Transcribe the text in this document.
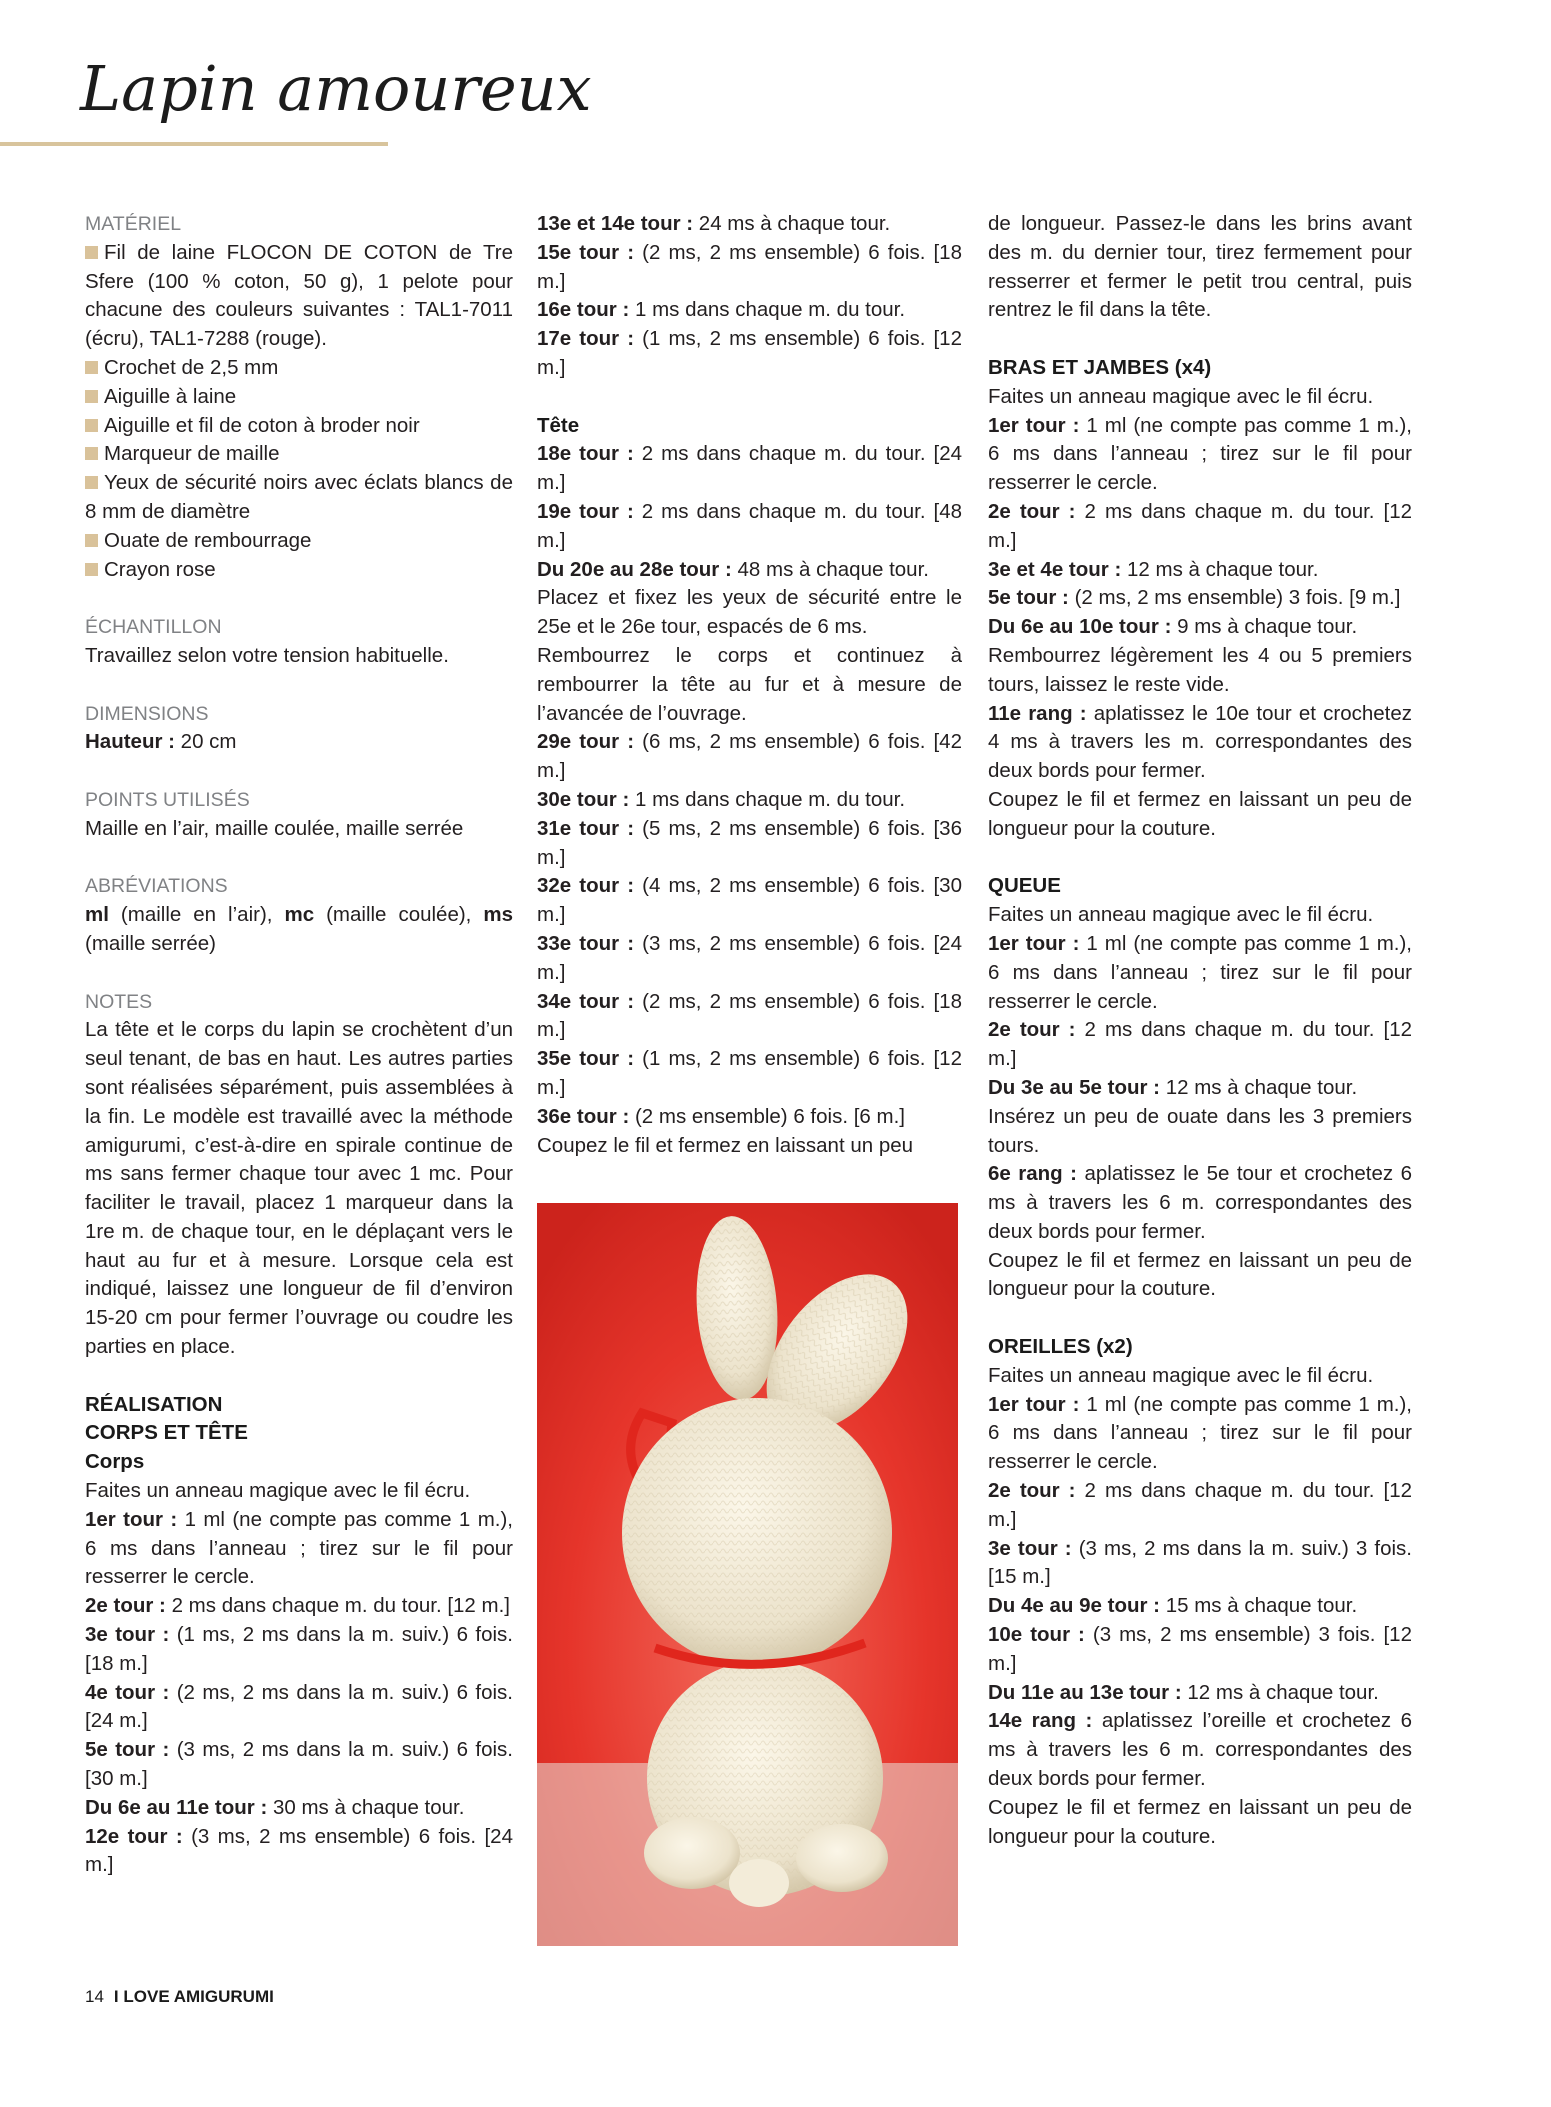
Lapin amoureux

MATÉRIEL

Fil de laine FLOCON DE COTON de Tre Sfere (100 % coton, 50 g), 1 pelote pour chacune des couleurs suivantes : TAL1-7011 (écru), TAL1-7288 (rouge).

Crochet de 2,5 mm

Aiguille à laine

Aiguille et fil de coton à broder noir

Marqueur de maille

Yeux de sécurité noirs avec éclats blancs de 8 mm de diamètre

Ouate de rembourrage

Crayon rose

ÉCHANTILLON

Travaillez selon votre tension habituelle.

DIMENSIONS

Hauteur : 20 cm

POINTS UTILISÉS

Maille en l’air, maille coulée, maille serrée

ABRÉVIATIONS

ml (maille en l’air), mc (maille coulée), ms (maille serrée)

NOTES

La tête et le corps du lapin se crochètent d’un seul tenant, de bas en haut. Les autres parties sont réalisées séparément, puis assemblées à la fin. Le modèle est travaillé avec la méthode amigurumi, c’est-à-dire en spirale continue de ms sans fermer chaque tour avec 1 mc. Pour faciliter le travail, placez 1 marqueur dans la 1re m. de chaque tour, en le déplaçant vers le haut au fur et à mesure. Lorsque cela est indiqué, laissez une longueur de fil d’environ 15-20 cm pour fermer l’ouvrage ou coudre les parties en place.

RÉALISATION

CORPS ET TÊTE

Corps

Faites un anneau magique avec le fil écru.

1er tour : 1 ml (ne compte pas comme 1 m.), 6 ms dans l’anneau ; tirez sur le fil pour resserrer le cercle.

2e tour : 2 ms dans chaque m. du tour. [12 m.]

3e tour : (1 ms, 2 ms dans la m. suiv.) 6 fois. [18 m.]

4e tour : (2 ms, 2 ms dans la m. suiv.) 6 fois. [24 m.]

5e tour : (3 ms, 2 ms dans la m. suiv.) 6 fois. [30 m.]

Du 6e au 11e tour : 30 ms à chaque tour.

12e tour : (3 ms, 2 ms ensemble) 6 fois. [24 m.]

13e et 14e tour : 24 ms à chaque tour.

15e tour : (2 ms, 2 ms ensemble) 6 fois. [18 m.]

16e tour : 1 ms dans chaque m. du tour.

17e tour : (1 ms, 2 ms ensemble) 6 fois. [12 m.]

Tête

18e tour : 2 ms dans chaque m. du tour. [24 m.]

19e tour : 2 ms dans chaque m. du tour. [48 m.]

Du 20e au 28e tour : 48 ms à chaque tour.

Placez et fixez les yeux de sécurité entre le 25e et le 26e tour, espacés de 6 ms.

Rembourrez le corps et continuez à rembourrer la tête au fur et à mesure de l’avancée de l’ouvrage.

29e tour : (6 ms, 2 ms ensemble) 6 fois. [42 m.]

30e tour : 1 ms dans chaque m. du tour.

31e tour : (5 ms, 2 ms ensemble) 6 fois. [36 m.]

32e tour : (4 ms, 2 ms ensemble) 6 fois. [30 m.]

33e tour : (3 ms, 2 ms ensemble) 6 fois. [24 m.]

34e tour : (2 ms, 2 ms ensemble) 6 fois. [18 m.]

35e tour : (1 ms, 2 ms ensemble) 6 fois. [12 m.]

36e tour : (2 ms ensemble) 6 fois. [6 m.]

Coupez le fil et fermez en laissant un peu

de longueur. Passez-le dans les brins avant des m. du dernier tour, tirez fermement pour resserrer et fermer le petit trou central, puis rentrez le fil dans la tête.

BRAS ET JAMBES (x4)

Faites un anneau magique avec le fil écru.

1er tour : 1 ml (ne compte pas comme 1 m.), 6 ms dans l’anneau ; tirez sur le fil pour resserrer le cercle.

2e tour : 2 ms dans chaque m. du tour. [12 m.]

3e et 4e tour : 12 ms à chaque tour.

5e tour : (2 ms, 2 ms ensemble) 3 fois. [9 m.]

Du 6e au 10e tour : 9 ms à chaque tour.

Rembourrez légèrement les 4 ou 5 premiers tours, laissez le reste vide.

11e rang : aplatissez le 10e tour et crochetez 4 ms à travers les m. correspondantes des deux bords pour fermer.

Coupez le fil et fermez en laissant un peu de longueur pour la couture.

QUEUE

Faites un anneau magique avec le fil écru.

1er tour : 1 ml (ne compte pas comme 1 m.), 6 ms dans l’anneau ; tirez sur le fil pour resserrer le cercle.

2e tour : 2 ms dans chaque m. du tour. [12 m.]

Du 3e au 5e tour : 12 ms à chaque tour.

Insérez un peu de ouate dans les 3 premiers tours.

6e rang : aplatissez le 5e tour et crochetez 6 ms à travers les 6 m. correspondantes des deux bords pour fermer.

Coupez le fil et fermez en laissant un peu de longueur pour la couture.

OREILLES (x2)

Faites un anneau magique avec le fil écru.

1er tour : 1 ml (ne compte pas comme 1 m.), 6 ms dans l’anneau ; tirez sur le fil pour resserrer le cercle.

2e tour : 2 ms dans chaque m. du tour. [12 m.]

3e tour : (3 ms, 2 ms dans la m. suiv.) 3 fois. [15 m.]

Du 4e au 9e tour : 15 ms à chaque tour.

10e tour : (3 ms, 2 ms ensemble) 3 fois. [12 m.]

Du 11e au 13e tour : 12 ms à chaque tour.

14e rang : aplatissez l’oreille et crochetez 6 ms à travers les 6 m. correspondantes des deux bords pour fermer.

Coupez le fil et fermez en laissant un peu de longueur pour la couture.

14 I LOVE AMIGURUMI
